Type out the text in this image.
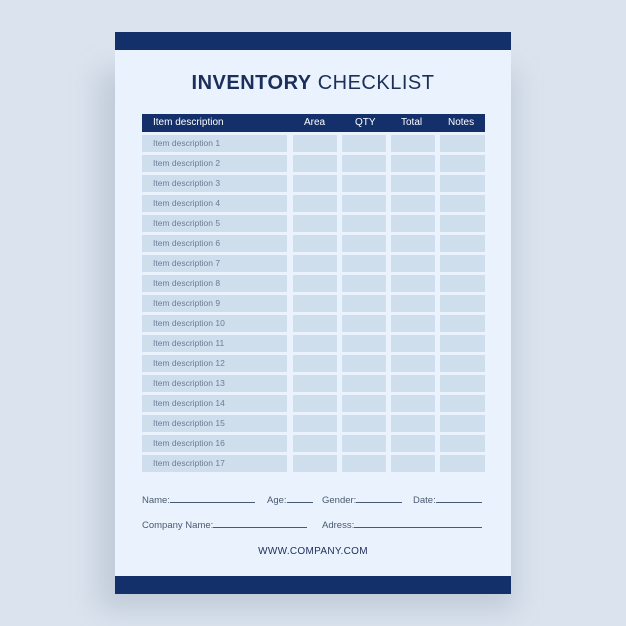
INVENTORY CHECKLIST
Item description	Area	QTY	Total	Notes
Item description 1
Item description 2
Item description 3
Item description 4
Item description 5
Item description 6
Item description 7
Item description 8
Item description 9
Item description 10
Item description 11
Item description 12
Item description 13
Item description 14
Item description 15
Item description 16
Item description 17
Name:	Age:	Gender:	Date:
Company Name:	Adress:
WWW.COMPANY.COM
